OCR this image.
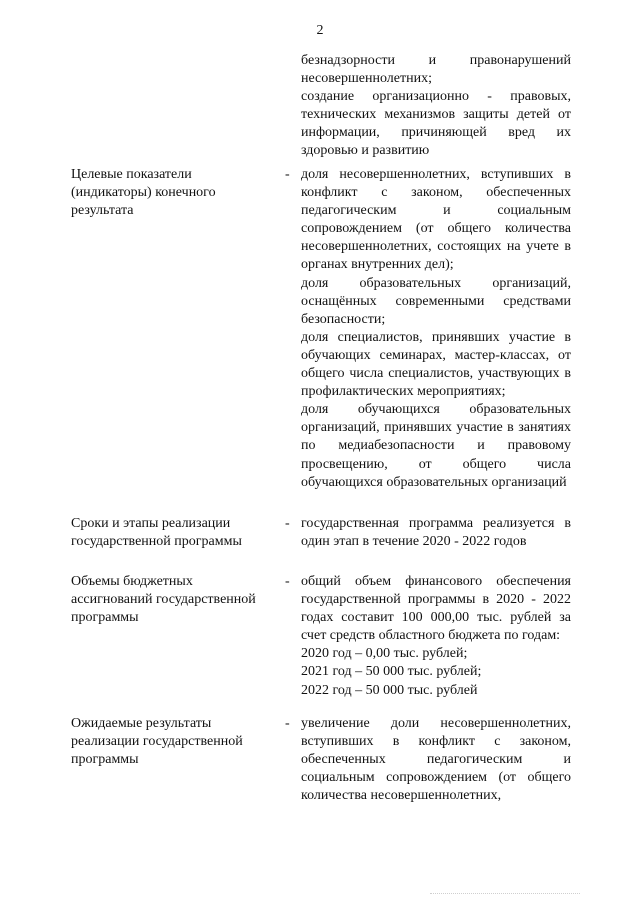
2

безнадзорности и правонарушений несовершеннолетних;

создание организационно - правовых, технических механизмов защиты детей от информации, причиняющей вред их здоровью и развитию

Целевые показатели
(индикаторы) конечного
результата
- доля несовершеннолетних, вступивших в конфликт с законом, обеспеченных педагогическим и социальным сопровождением (от общего количества несовершеннолетних, состоящих на учете в органах внутренних дел);

доля образовательных организаций, оснащённых современными средствами безопасности;

доля специалистов, принявших участие в обучающих семинарах, мастер-классах, от общего числа специалистов, участвующих в профилактических мероприятиях;

доля обучающихся образовательных организаций, принявших участие в занятиях по медиабезопасности и правовому просвещению, от общего числа обучающихся образовательных организаций

Сроки и этапы реализации
государственной программы
- государственная программа реализуется в один этап в течение 2020 - 2022 годов

Объемы бюджетных
ассигнований государственной
программы
- общий объем финансового обеспечения государственной программы в 2020 - 2022 годах составит 100 000,00 тыс. рублей за счет средств областного бюджета по годам:

2020 год – 0,00 тыс. рублей;

2021 год – 50 000 тыс. рублей;

2022 год – 50 000 тыс. рублей

Ожидаемые результаты
реализации государственной
программы
- увеличение доли несовершеннолетних, вступивших в конфликт с законом, обеспеченных педагогическим и социальным сопровождением (от общего количества несовершеннолетних,
